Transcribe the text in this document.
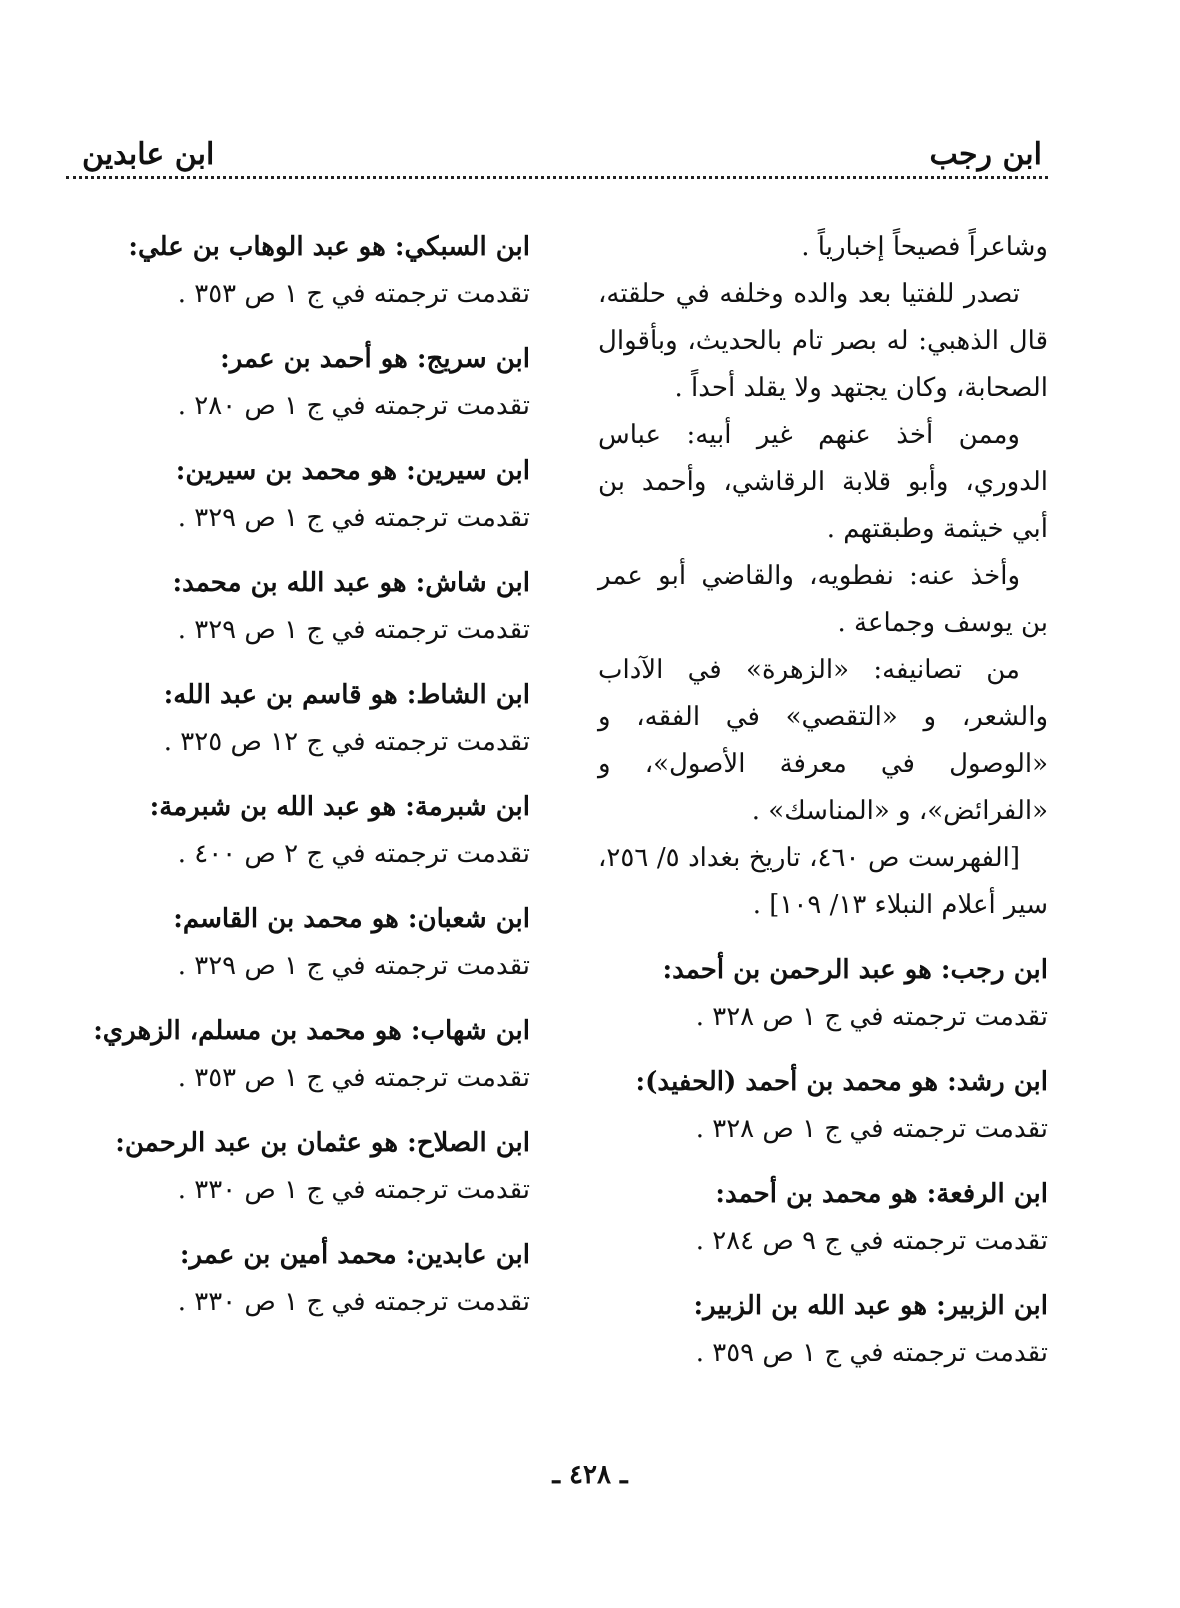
ابن رجب
ابن عابدين

وشاعراً فصيحاً إخبارياً .

تصدر للفتيا بعد والده وخلفه في حلقته، قال الذهبي: له بصر تام بالحديث، وبأقوال الصحابة، وكان يجتهد ولا يقلد أحداً .

وممن أخذ عنهم غير أبيه: عباس الدوري، وأبو قلابة الرقاشي، وأحمد بن أبي خيثمة وطبقتهم .

وأخذ عنه: نفطويه، والقاضي أبو عمر بن يوسف وجماعة .

من تصانيفه: «الزهرة» في الآداب والشعر، و «التقصي» في الفقه، و «الوصول في معرفة الأصول»، و «الفرائض»، و «المناسك» .

[الفهرست ص ٤٦٠، تاريخ بغداد ٥/ ٢٥٦، سير أعلام النبلاء ١٣/ ١٠٩] .

ابن رجب: هو عبد الرحمن بن أحمد:
تقدمت ترجمته في ج ١ ص ٣٢٨ .
ابن رشد: هو محمد بن أحمد (الحفيد):
تقدمت ترجمته في ج ١ ص ٣٢٨ .
ابن الرفعة: هو محمد بن أحمد:
تقدمت ترجمته في ج ٩ ص ٢٨٤ .
ابن الزبير: هو عبد الله بن الزبير:
تقدمت ترجمته في ج ١ ص ٣٥٩ .
ابن السبكي: هو عبد الوهاب بن علي:
تقدمت ترجمته في ج ١ ص ٣٥٣ .
ابن سريج: هو أحمد بن عمر:
تقدمت ترجمته في ج ١ ص ٢٨٠ .
ابن سيرين: هو محمد بن سيرين:
تقدمت ترجمته في ج ١ ص ٣٢٩ .
ابن شاش: هو عبد الله بن محمد:
تقدمت ترجمته في ج ١ ص ٣٢٩ .
ابن الشاط: هو قاسم بن عبد الله:
تقدمت ترجمته في ج ١٢ ص ٣٢٥ .
ابن شبرمة: هو عبد الله بن شبرمة:
تقدمت ترجمته في ج ٢ ص ٤٠٠ .
ابن شعبان: هو محمد بن القاسم:
تقدمت ترجمته في ج ١ ص ٣٢٩ .
ابن شهاب: هو محمد بن مسلم، الزهري:
تقدمت ترجمته في ج ١ ص ٣٥٣ .
ابن الصلاح: هو عثمان بن عبد الرحمن:
تقدمت ترجمته في ج ١ ص ٣٣٠ .
ابن عابدين: محمد أمين بن عمر:
تقدمت ترجمته في ج ١ ص ٣٣٠ .
ـ ٤٢٨ ـ
